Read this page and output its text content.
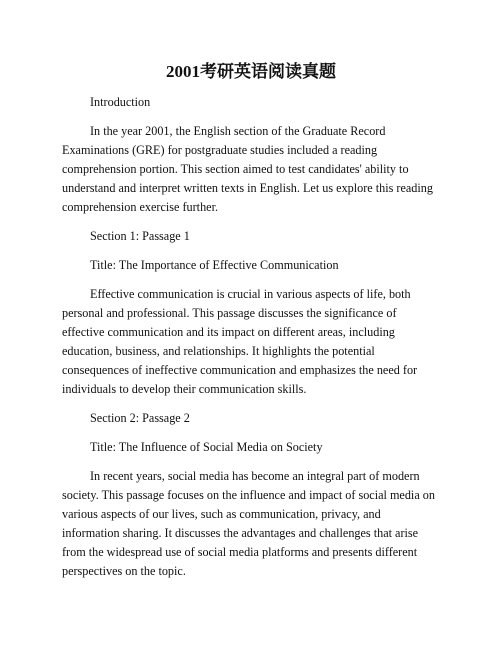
2001考研英语阅读真题

Introduction

In the year 2001, the English section of the Graduate Record Examinations (GRE) for postgraduate studies included a reading comprehension portion. This section aimed to test candidates' ability to understand and interpret written texts in English. Let us explore this reading comprehension exercise further.

Section 1: Passage 1

Title: The Importance of Effective Communication

Effective communication is crucial in various aspects of life, both personal and professional. This passage discusses the significance of effective communication and its impact on different areas, including education, business, and relationships. It highlights the potential consequences of ineffective communication and emphasizes the need for individuals to develop their communication skills.

Section 2: Passage 2

Title: The Influence of Social Media on Society

In recent years, social media has become an integral part of modern society. This passage focuses on the influence and impact of social media on various aspects of our lives, such as communication, privacy, and information sharing. It discusses the advantages and challenges that arise from the widespread use of social media platforms and presents different perspectives on the topic.
